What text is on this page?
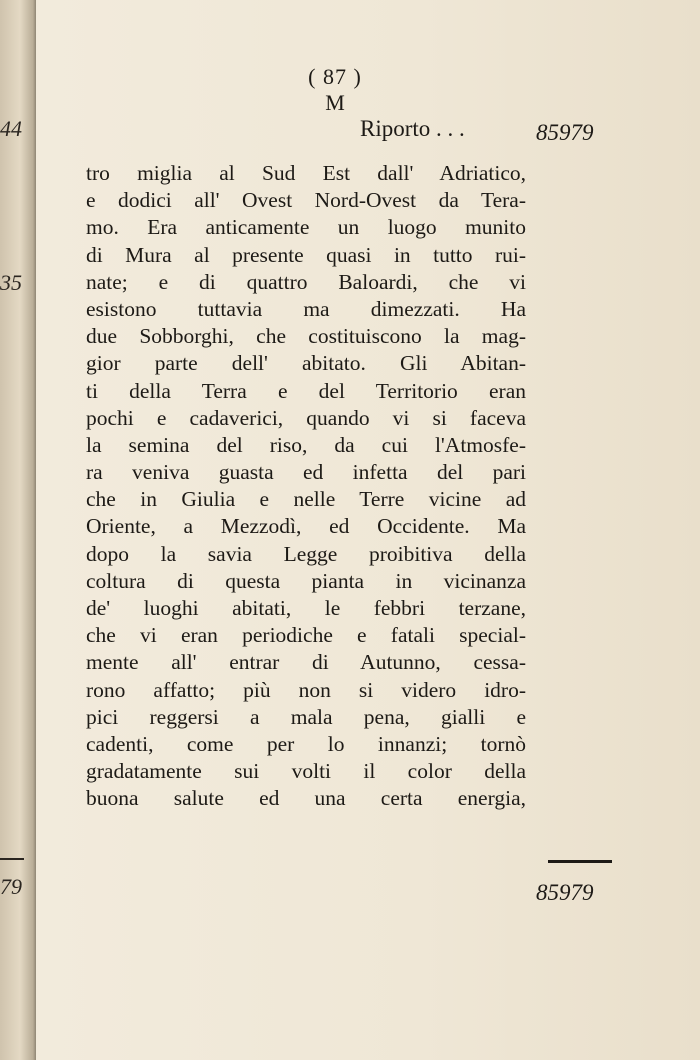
44
35
79
( 87 )
M
Riporto . . .	85979
tro miglia al Sud Est dall' Adriatico,
e dodici all' Ovest Nord-Ovest da Tera-
mo. Era anticamente un luogo munito
di Mura al presente quasi in tutto rui-
nate; e di quattro Baloardi, che vi
esistono tuttavia ma dimezzati. Ha
due Sobborghi, che costituiscono la mag-
gior parte dell' abitato. Gli Abitan-
ti della Terra e del Territorio eran
pochi e cadaverici, quando vi si faceva
la semina del riso, da cui l'Atmosfe-
ra veniva guasta ed infetta del pari
che in Giulia e nelle Terre vicine ad
Oriente, a Mezzodì, ed Occidente. Ma
dopo la savia Legge proibitiva della
coltura di questa pianta in vicinanza
de' luoghi abitati, le febbri terzane,
che vi eran periodiche e fatali special-
mente all' entrar di Autunno, cessa-
rono affatto; più non si videro idro-
pici reggersi a mala pena, gialli e
cadenti, come per lo innanzi; tornò
gradatamente sui volti il color della
buona salute ed una certa energia,
85979
